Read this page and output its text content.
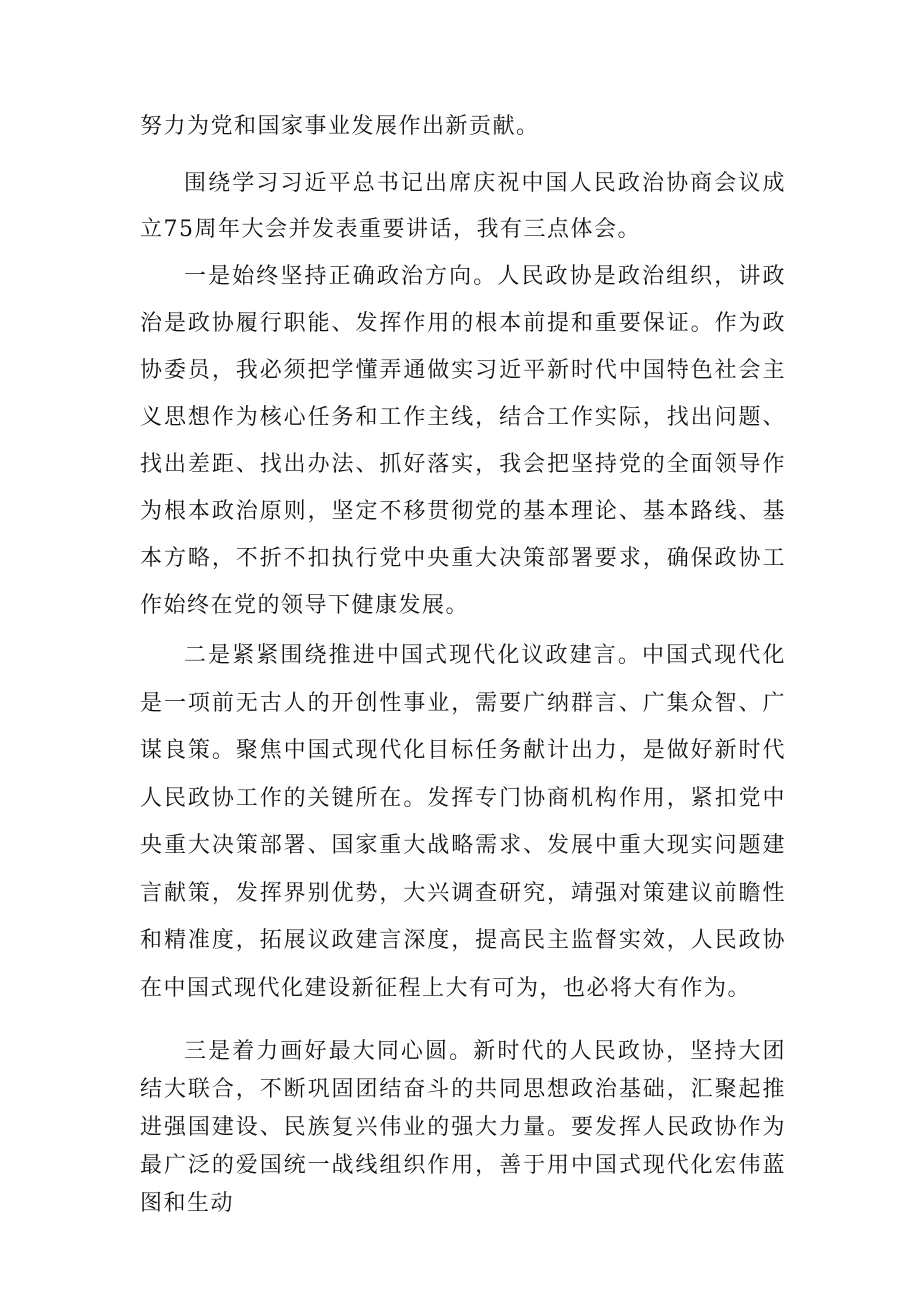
努力为党和国家事业发展作出新贡献。

围绕学习习近平总书记出席庆祝中国人民政治协商会议成立75周年大会并发表重要讲话，我有三点体会。

一是始终坚持正确政治方向。人民政协是政治组织，讲政治是政协履行职能、发挥作用的根本前提和重要保证。作为政协委员，我必须把学懂弄通做实习近平新时代中国特色社会主义思想作为核心任务和工作主线，结合工作实际，找出问题、找出差距、找出办法、抓好落实，我会把坚持党的全面领导作为根本政治原则，坚定不移贯彻党的基本理论、基本路线、基本方略，不折不扣执行党中央重大决策部署要求，确保政协工作始终在党的领导下健康发展。

二是紧紧围绕推进中国式现代化议政建言。中国式现代化是一项前无古人的开创性事业，需要广纳群言、广集众智、广谋良策。聚焦中国式现代化目标任务献计出力，是做好新时代人民政协工作的关键所在。发挥专门协商机构作用，紧扣党中央重大决策部署、国家重大战略需求、发展中重大现实问题建言献策，发挥界别优势，大兴调查研究，靖强对策建议前瞻性和精准度，拓展议政建言深度，提高民主监督实效，人民政协在中国式现代化建设新征程上大有可为，也必将大有作为。

三是着力画好最大同心圆。新时代的人民政协，坚持大团结大联合，不断巩固团结奋斗的共同思想政治基础，汇聚起推进强国建设、民族复兴伟业的强大力量。要发挥人民政协作为最广泛的爱国统一战线组织作用，善于用中国式现代化宏伟蓝图和生动
